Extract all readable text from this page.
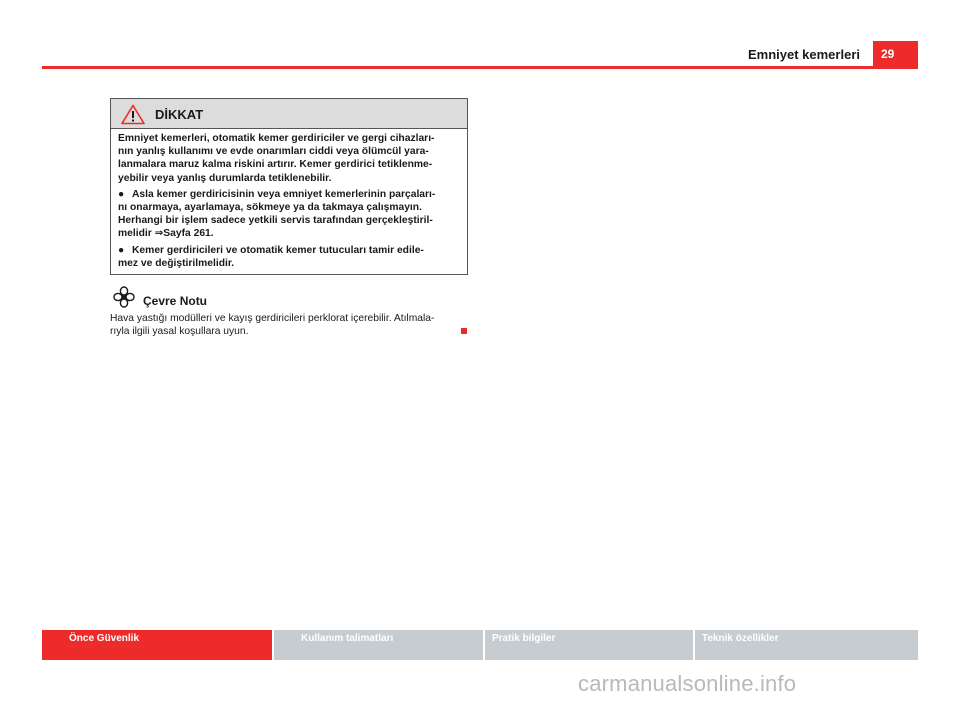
Emniyet kemerleri	29
DİKKAT

Emniyet kemerleri, otomatik kemer gerdiriciler ve gergi cihazları-
nın yanlış kullanımı ve evde onarımları ciddi veya ölümcül yara-
lanmalara maruz kalma riskini artırır. Kemer gerdirici tetiklenme-
yebilir veya yanlış durumlarda tetiklenebilir.

● Asla kemer gerdiricisinin veya emniyet kemerlerinin parçaları-
nı onarmaya, ayarlamaya, sökmeye ya da takmaya çalışmayın.
Herhangi bir işlem sadece yetkili servis tarafından gerçekleştiril-
melidir ⇒Sayfa 261.

● Kemer gerdiricileri ve otomatik kemer tutucuları tamir edile-
mez ve değiştirilmelidir.

Çevre Notu
Hava yastığı modülleri ve kayış gerdiricileri perklorat içerebilir. Atılmala-
rıyla ilgili yasal koşullara uyun.
Önce Güvenlik	Kullanım talimatları	Pratik bilgiler	Teknik özellikler
carmanualsonline.info
